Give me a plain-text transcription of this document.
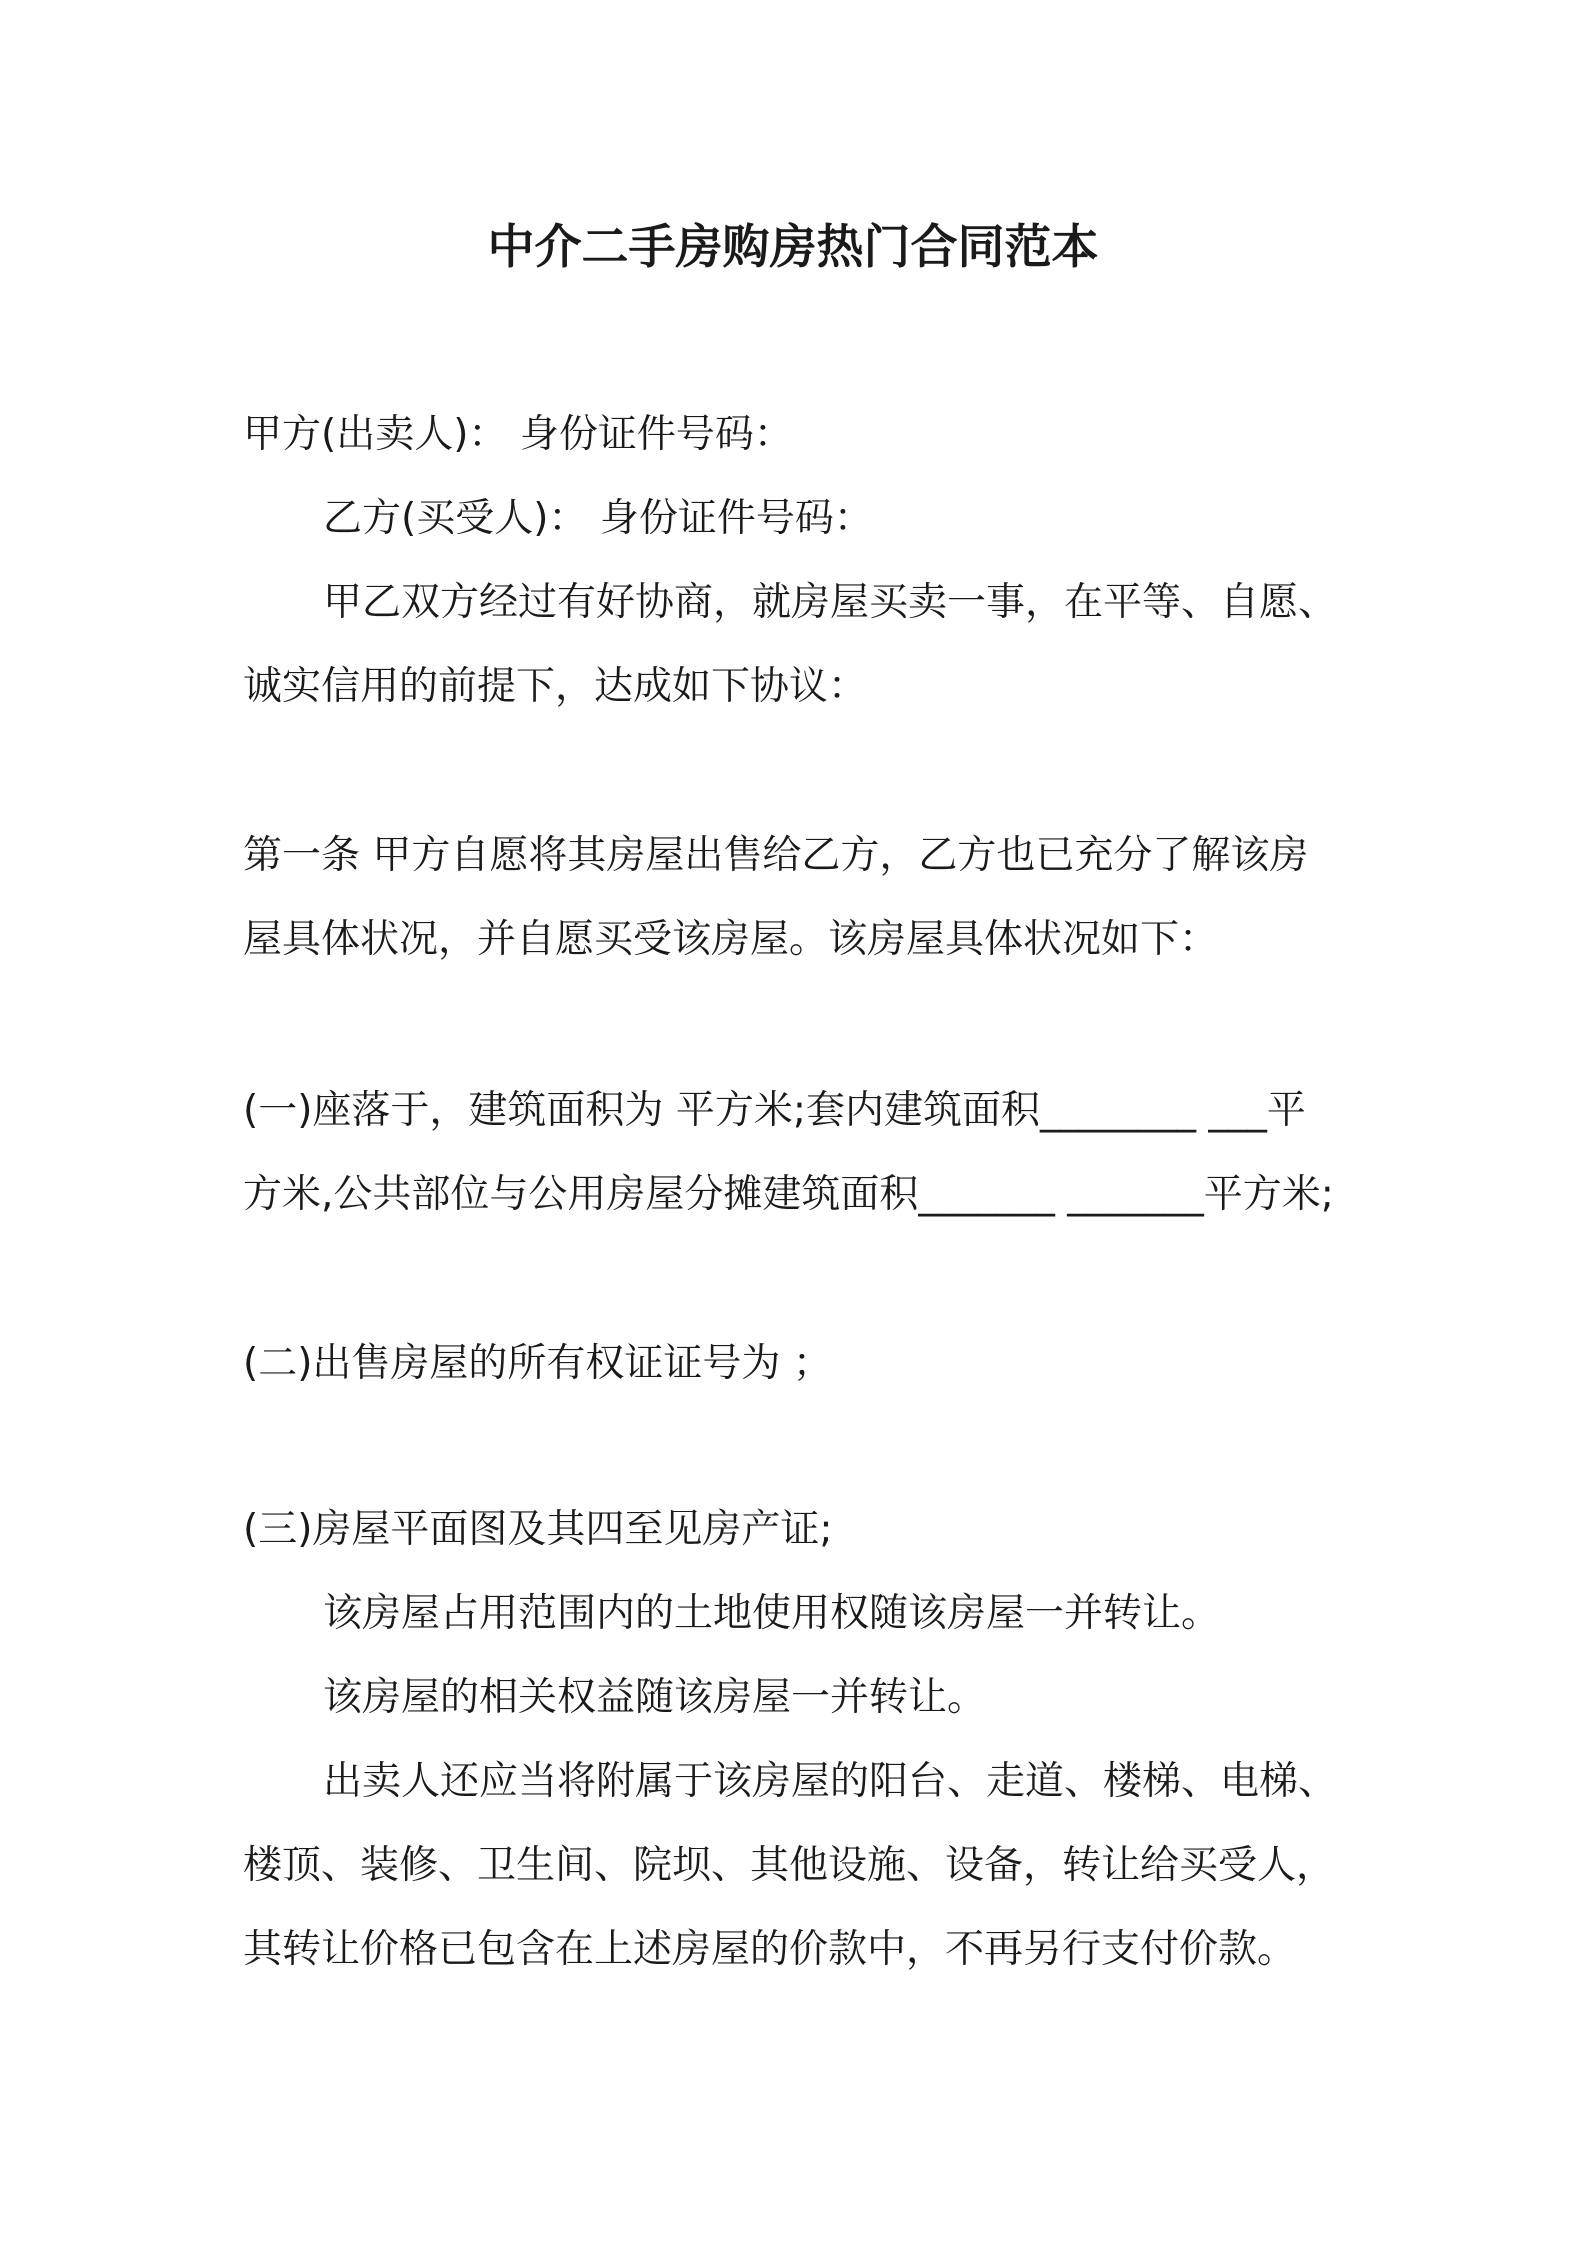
中介二手房购房热门合同范本
甲方(出卖人)： 身份证件号码：
乙方(买受人)： 身份证件号码：
甲乙双方经过有好协商，就房屋买卖一事，在平等、自愿、
诚实信用的前提下，达成如下协议：
第一条 甲方自愿将其房屋出售给乙方，乙方也已充分了解该房
屋具体状况，并自愿买受该房屋。该房屋具体状况如下：
(一)座落于，建筑面积为 平方米;套内建筑面积________ ___平
方米,公共部位与公用房屋分摊建筑面积_______ _______平方米;
(二)出售房屋的所有权证证号为 ；
(三)房屋平面图及其四至见房产证;
该房屋占用范围内的土地使用权随该房屋一并转让。
该房屋的相关权益随该房屋一并转让。
出卖人还应当将附属于该房屋的阳台、走道、楼梯、电梯、
楼顶、装修、卫生间、院坝、其他设施、设备，转让给买受人，
其转让价格已包含在上述房屋的价款中，不再另行支付价款。
